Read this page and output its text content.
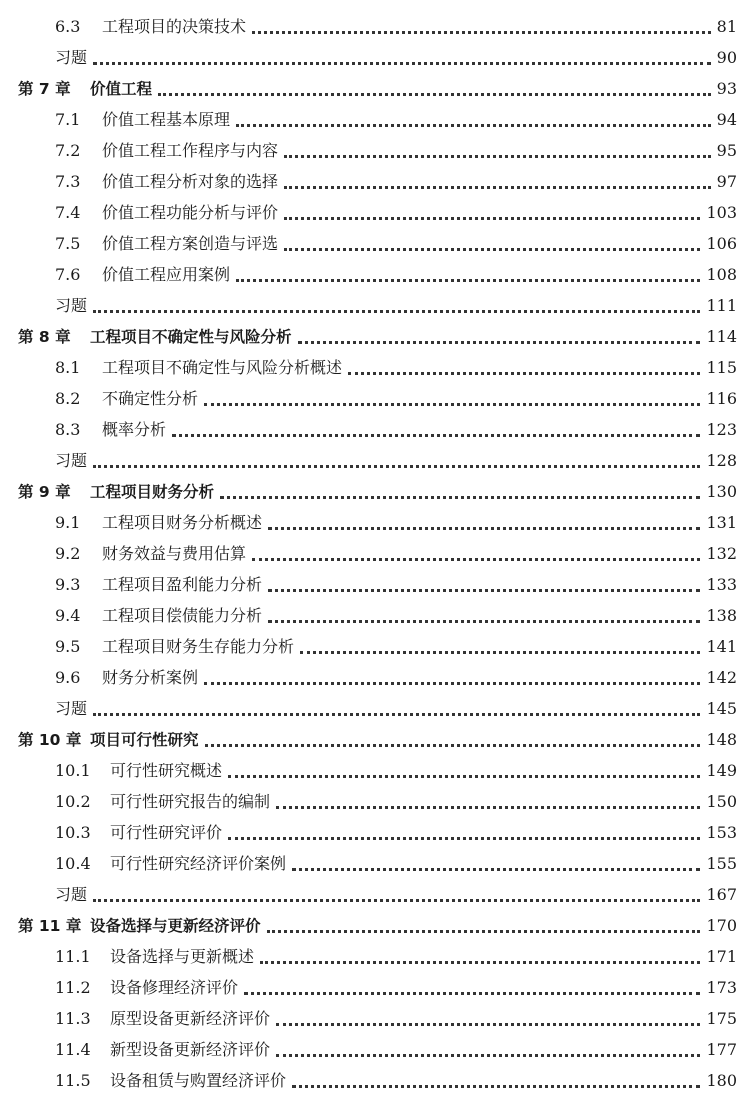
6.3	工程项目的决策技术	81
习题	90
第 7 章	价值工程	93
7.1	价值工程基本原理	94
7.2	价值工程工作程序与内容	95
7.3	价值工程分析对象的选择	97
7.4	价值工程功能分析与评价	103
7.5	价值工程方案创造与评选	106
7.6	价值工程应用案例	108
习题	111
第 8 章	工程项目不确定性与风险分析	114
8.1	工程项目不确定性与风险分析概述	115
8.2	不确定性分析	116
8.3	概率分析	123
习题	128
第 9 章	工程项目财务分析	130
9.1	工程项目财务分析概述	131
9.2	财务效益与费用估算	132
9.3	工程项目盈利能力分析	133
9.4	工程项目偿债能力分析	138
9.5	工程项目财务生存能力分析	141
9.6	财务分析案例	142
习题	145
第 10 章 项目可行性研究	148
10.1	可行性研究概述	149
10.2	可行性研究报告的编制	150
10.3	可行性研究评价	153
10.4	可行性研究经济评价案例	155
习题	167
第 11 章 设备选择与更新经济评价	170
11.1	设备选择与更新概述	171
11.2	设备修理经济评价	173
11.3	原型设备更新经济评价	175
11.4	新型设备更新经济评价	177
11.5	设备租赁与购置经济评价	180
